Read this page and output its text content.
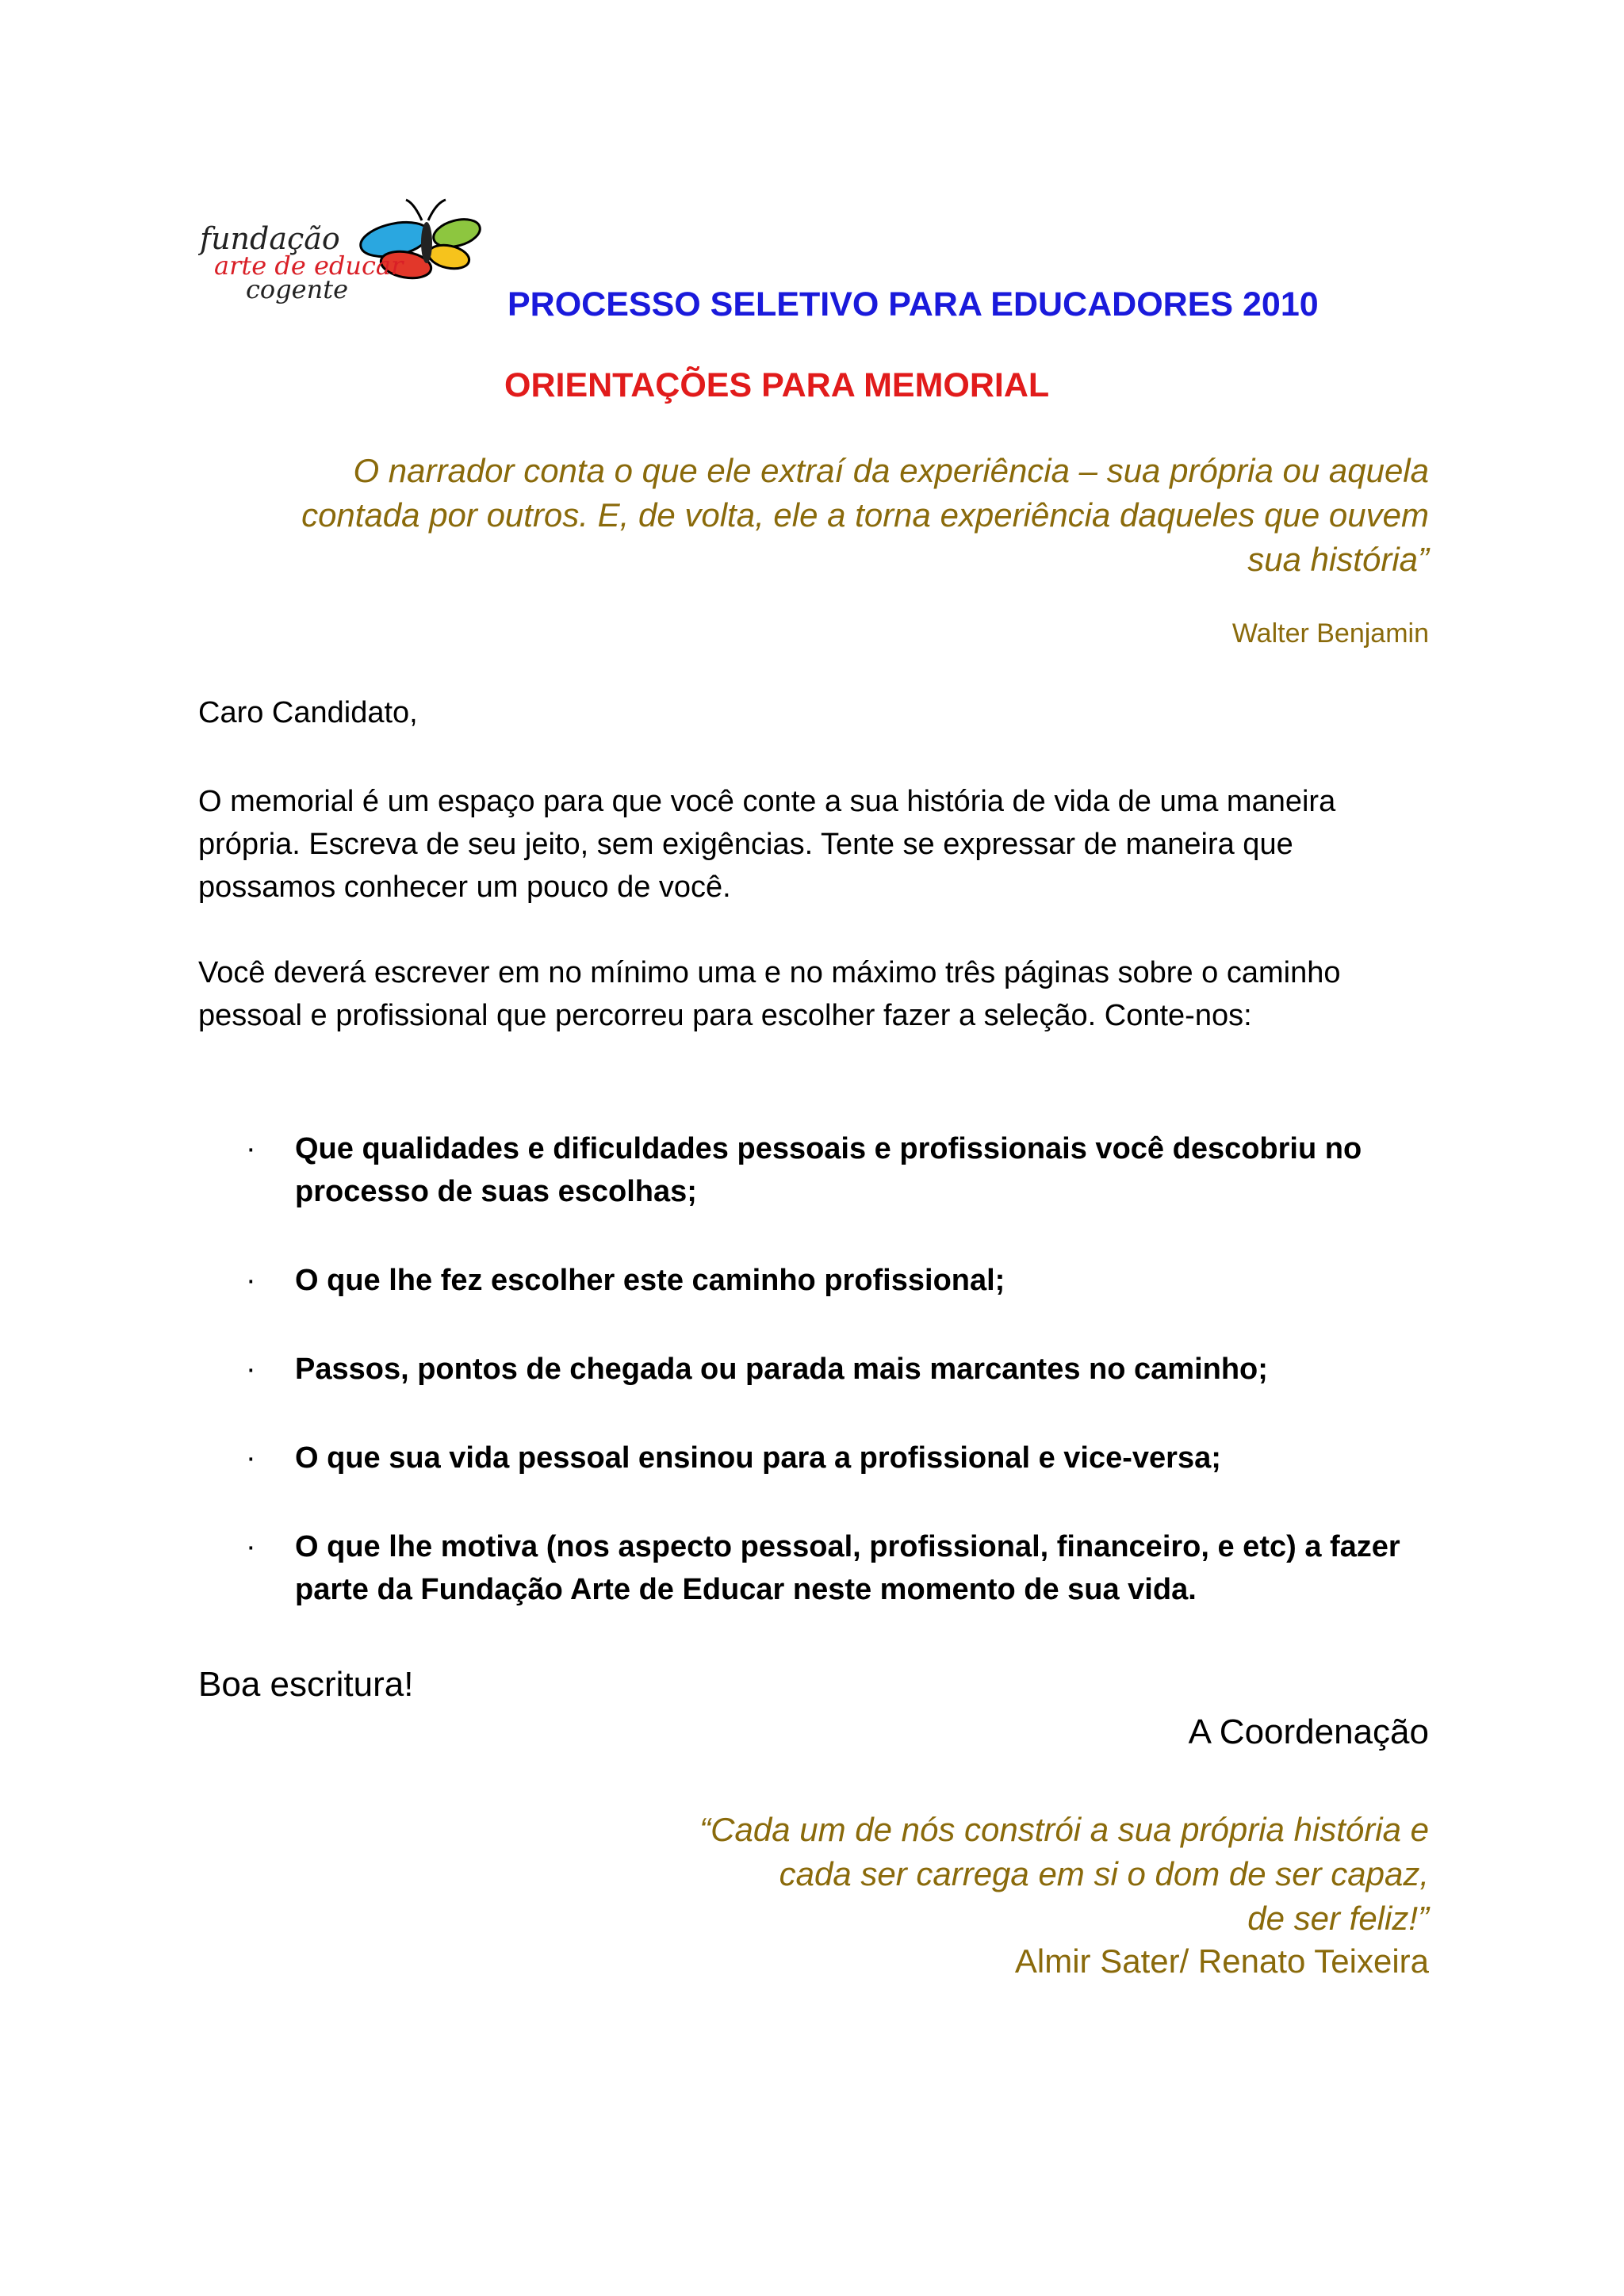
fundação
arte de educar
cogente	PROCESSO SELETIVO PARA EDUCADORES 2010
ORIENTAÇÕES PARA MEMORIAL
O narrador conta o que ele extraí da experiência – sua própria ou aquela
contada por outros. E, de volta, ele a torna experiência daqueles que ouvem
sua história”
Walter Benjamin
Caro Candidato,
O memorial é um espaço para que você conte a sua história de vida de uma maneira própria. Escreva de seu jeito, sem exigências. Tente se expressar de maneira que possamos conhecer um pouco de você.
Você deverá escrever em no mínimo uma e no máximo três páginas sobre o caminho pessoal e profissional que percorreu para escolher fazer a seleção. Conte-nos:
· Que qualidades e dificuldades pessoais e profissionais você descobriu no processo de suas escolhas;
· O que lhe fez escolher este caminho profissional;
· Passos, pontos de chegada ou parada mais marcantes no caminho;
· O que sua vida pessoal ensinou para a profissional e vice-versa;
· O que lhe motiva (nos aspecto pessoal, profissional, financeiro, e etc) a fazer parte da Fundação Arte de Educar neste momento de sua vida.
Boa escritura!
A Coordenação
“Cada um de nós constrói a sua própria história e
cada ser carrega em si o dom de ser capaz,
de ser feliz!”
Almir Sater/ Renato Teixeira
